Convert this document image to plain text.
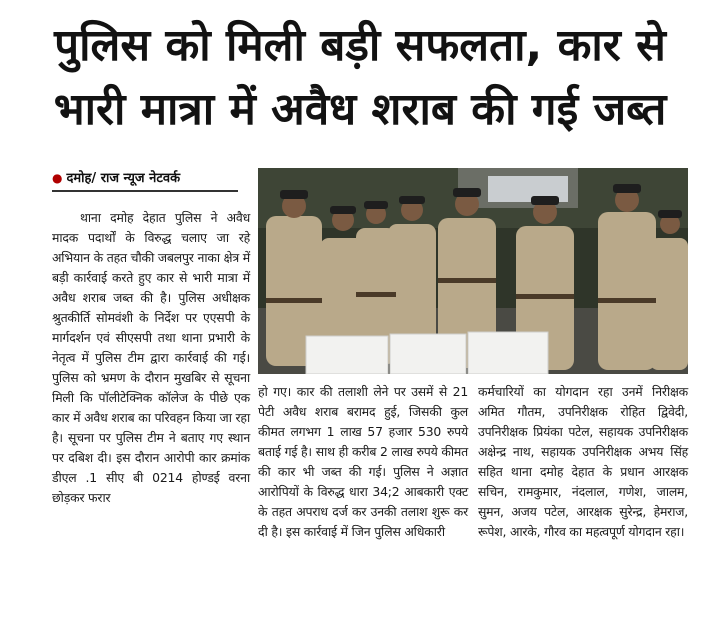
पुलिस को मिली बड़ी सफलता, कार से
भारी मात्रा में अवैध शराब की गई जब्त
● दमोह/ राज न्यूज नेटवर्क

थाना दमोह देहात पुलिस ने अवैध मादक पदार्थों के विरुद्ध चलाए जा रहे अभियान के तहत चौकी जबलपुर नाका क्षेत्र में बड़ी कार्रवाई करते हुए कार से भारी मात्रा में अवैध शराब जब्त की है। पुलिस अधीक्षक श्रुतकीर्ति सोमवंशी के निर्देश पर एएसपी के मार्गदर्शन एवं सीएसपी तथा थाना प्रभारी के नेतृत्व में पुलिस टीम द्वारा कार्रवाई की गई। पुलिस को भ्रमण के दौरान मुखबिर से सूचना मिली कि पॉलीटेक्निक कॉलेज के पीछे एक कार में अवैध शराब का परिवहन किया जा रहा है। सूचना पर पुलिस टीम ने बताए गए स्थान पर दबिश दी। इस दौरान आरोपी कार क्रमांक डीएल .1 सीए बी 0214 होण्डई वरना छोड़कर फरार

हो गए। कार की तलाशी लेने पर उसमें से 21 पेटी अवैध शराब बरामद हुई, जिसकी कुल कीमत लगभग 1 लाख 57 हजार 530 रुपये बताई गई है। साथ ही करीब 2 लाख रुपये कीमत की कार भी जब्त की गई। पुलिस ने अज्ञात आरोपियों के विरुद्ध धारा 34;2 आबकारी एक्ट के तहत अपराध दर्ज कर उनकी तलाश शुरू कर दी है। इस कार्रवाई में जिन पुलिस अधिकारी

कर्मचारियों का योगदान रहा उनमें निरीक्षक अमित गौतम, उपनिरीक्षक रोहित द्विवेदी, उपनिरीक्षक प्रियंका पटेल, सहायक उपनिरीक्षक अक्षेन्द्र नाथ, सहायक उपनिरीक्षक अभय सिंह सहित थाना दमोह देहात के प्रधान आरक्षक सचिन, रामकुमार, नंदलाल, गणेश, जालम, सुमन, अजय पटेल, आरक्षक सुरेन्द्र, हेमराज, रूपेश, आरके, गौरव का महत्वपूर्ण योगदान रहा।
